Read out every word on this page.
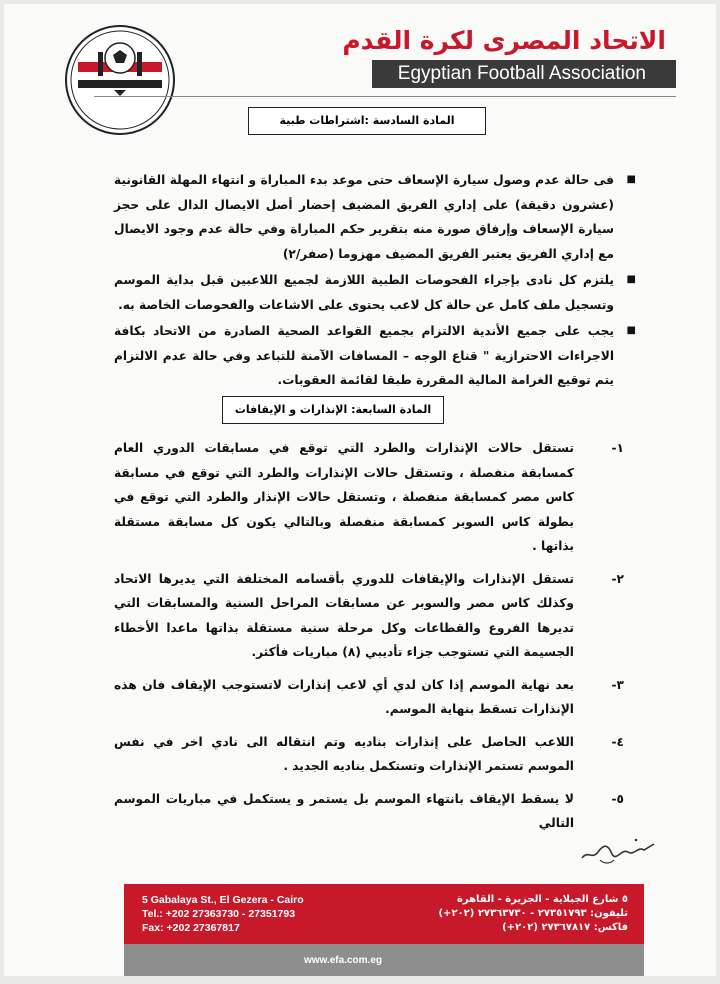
الاتحاد المصرى لكرة القدم
Egyptian Football Association
المادة السادسة :اشتراطات طبية
■
فى حالة عدم وصول سيارة الإسعاف حتى موعد بدء المباراة و انتهاء المهلة القانونية (عشرون دقيقة) على إداري الفريق المضيف إحضار أصل الايصال الدال على حجز سيارة الإسعاف وإرفاق صورة منه بتقرير حكم المباراة وفي حالة عدم وجود الايصال مع إداري الفريق يعتبر الفريق المضيف مهزوما (صفر/٢)
■
يلتزم كل نادى بإجراء الفحوصات الطبية اللازمة لجميع اللاعبين قبل بداية الموسم وتسجيل ملف كامل عن حالة كل لاعب يحتوى على الاشاعات والفحوصات الخاصة به.
■
يجب على جميع الأندية الالتزام بجميع القواعد الصحية الصادرة من الاتحاد بكافة الاجراءات الاحترازية " قناع الوجه – المسافات الآمنة للتباعد وفي حالة عدم الالتزام يتم توقيع الغرامة المالية المقررة طبقا لقائمة العقوبات.
المادة السابعة: الإنذارات و الإيقافات
١-
تستقل حالات الإنذارات والطرد التي توقع في مسابقات الدوري العام كمسابقة منفصلة ، وتستقل حالات الإنذارات والطرد التي توقع في مسابقة كاس مصر كمسابقة منفصلة ، وتستقل حالات الإنذار والطرد التي توقع في بطولة كاس السوبر كمسابقة منفصلة وبالتالي يكون كل مسابقة مستقلة بذاتها .
٢-
تستقل الإنذارات والإيقافات للدوري بأقسامه المختلفة التي يديرها الاتحاد وكذلك كاس مصر والسوبر عن مسابقات المراحل السنية والمسابقات التي تديرها الفروع والقطاعات وكل مرحلة سنية مستقلة بذاتها ماعدا الأخطاء الجسيمة التي تستوجب جزاء تأديبي (٨) مباريات فأكثر.
٣-
بعد نهاية الموسم إذا كان لدي أي لاعب إنذارات لاتستوجب الإيقاف فان هذه الإنذارات تسقط بنهاية الموسم.
٤-
اللاعب الحاصل على إنذارات بناديه وتم انتقاله الى نادي اخر في نفس الموسم تستمر الإنذارات وتستكمل بناديه الجديد .
٥-
لا يسقط الإيقاف بانتهاء الموسم بل يستمر و يستكمل في مباريات الموسم التالي
5 Gabalaya St., El Gezera - Cairo
Tel.: +202 27363730 - 27351793
Fax: +202 27367817
٥ شارع الجبلاية - الجزيرة - القاهرة
تليفون: ٢٧٣٥١٧٩٣ - ٢٧٣٦٣٧٣٠ (٢٠٢+)
فاكس: ٢٧٣٦٧٨١٧ (٢٠٢+)
www.efa.com.eg
